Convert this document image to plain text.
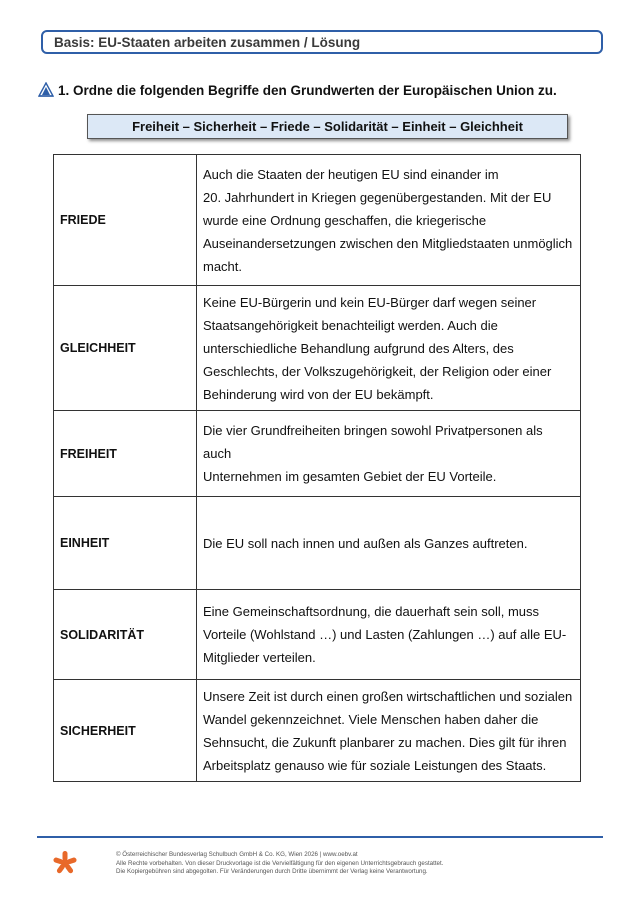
Basis: EU-Staaten arbeiten zusammen / Lösung
1. Ordne die folgenden Begriffe den Grundwerten der Europäischen Union zu.
Freiheit – Sicherheit – Friede – Solidarität – Einheit – Gleichheit
FRIEDE	Auch die Staaten der heutigen EU sind einander im
20. Jahrhundert in Kriegen gegenübergestanden. Mit der EU
wurde eine Ordnung geschaffen, die kriegerische
Auseinandersetzungen zwischen den Mitgliedstaaten unmöglich
macht.

GLEICHHEIT	Keine EU-Bürgerin und kein EU-Bürger darf wegen seiner
Staatsangehörigkeit benachteiligt werden. Auch die
unterschiedliche Behandlung aufgrund des Alters, des
Geschlechts, der Volkszugehörigkeit, der Religion oder einer
Behinderung wird von der EU bekämpft.

FREIHEIT	Die vier Grundfreiheiten bringen sowohl Privatpersonen als auch
Unternehmen im gesamten Gebiet der EU Vorteile.

EINHEIT	Die EU soll nach innen und außen als Ganzes auftreten.

SOLIDARITÄT	Eine Gemeinschaftsordnung, die dauerhaft sein soll, muss
Vorteile (Wohlstand …) und Lasten (Zahlungen …) auf alle EU-
Mitglieder verteilen.

SICHERHEIT	Unsere Zeit ist durch einen großen wirtschaftlichen und sozialen
Wandel gekennzeichnet. Viele Menschen haben daher die
Sehnsucht, die Zukunft planbarer zu machen. Dies gilt für ihren
Arbeitsplatz genauso wie für soziale Leistungen des Staats.
© Österreichischer Bundesverlag Schulbuch GmbH & Co. KG, Wien 2026 | www.oebv.at
Alle Rechte vorbehalten. Von dieser Druckvorlage ist die Vervielfältigung für den eigenen Unterrichtsgebrauch gestattet.
Die Kopiergebühren sind abgegolten. Für Veränderungen durch Dritte übernimmt der Verlag keine Verantwortung.
